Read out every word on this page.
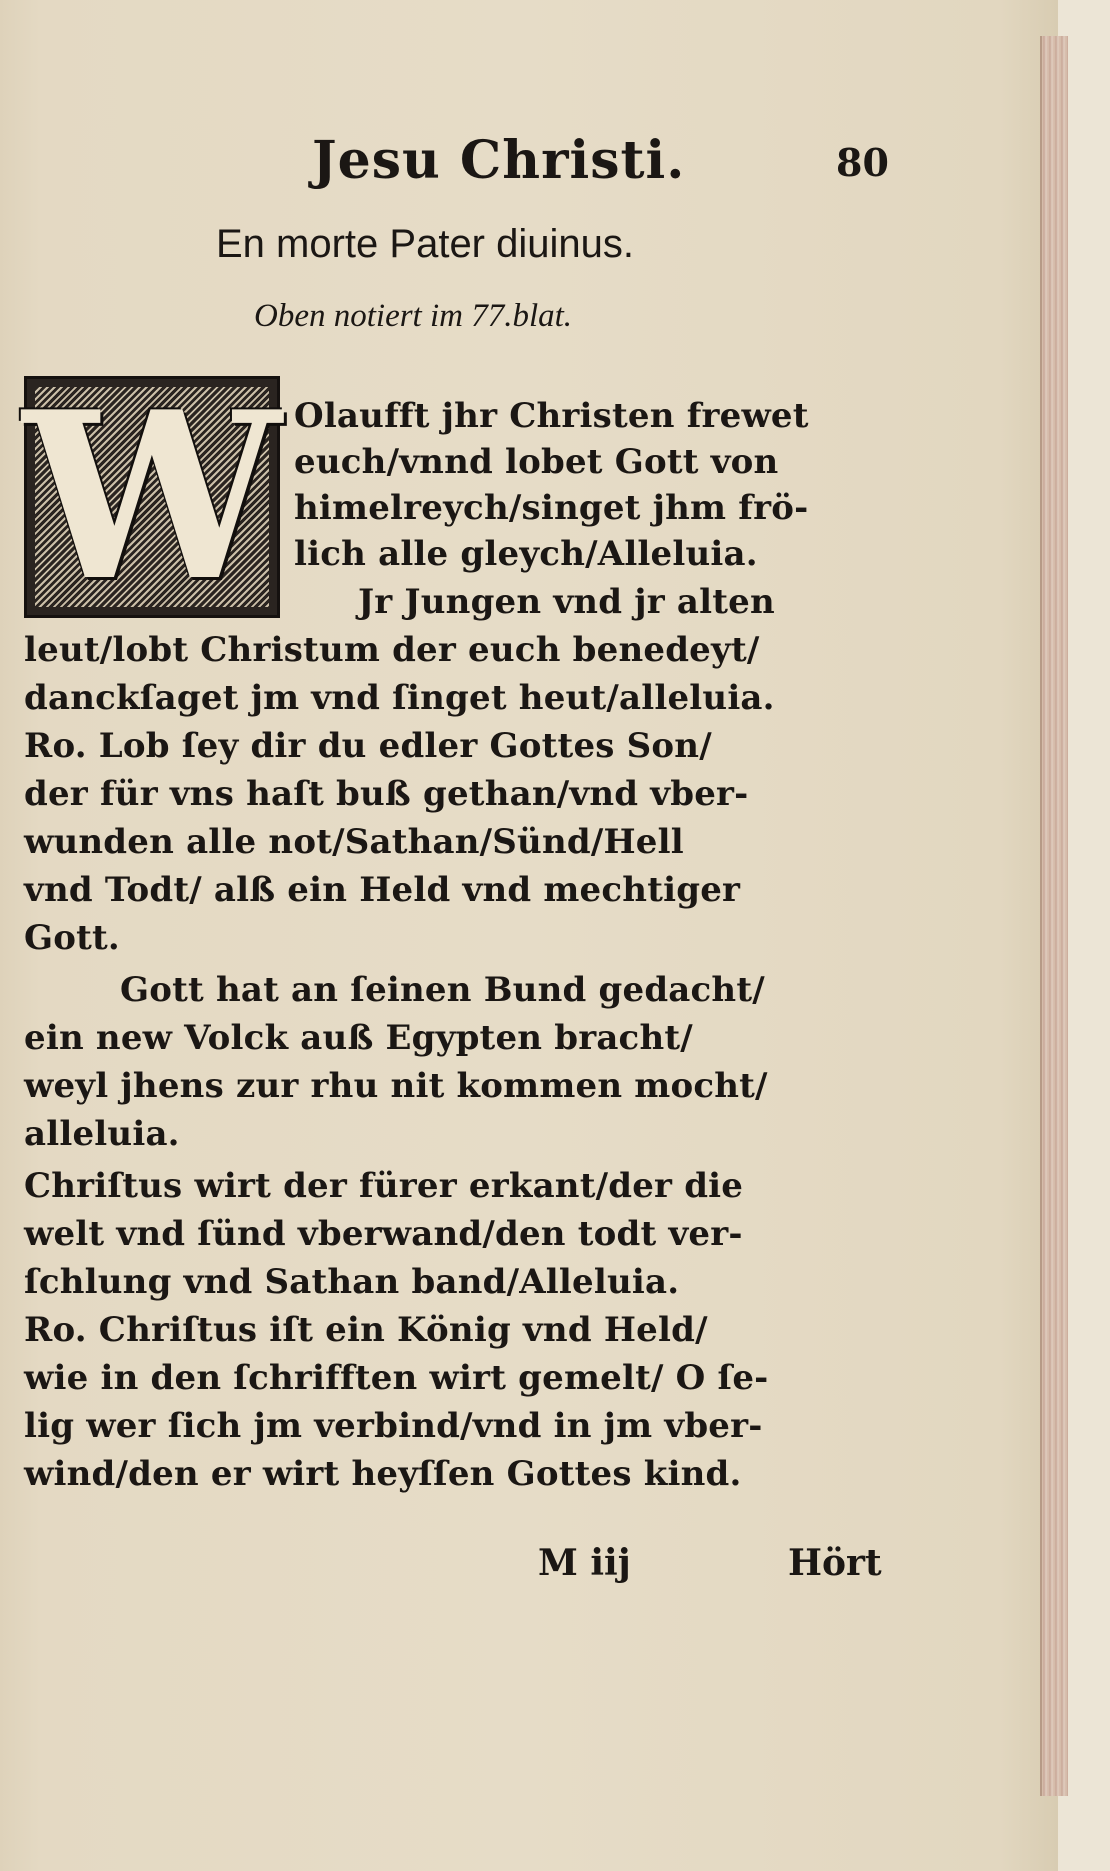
Jesu Christi.	80
En morte Pater diuinus.
Oben notiert im 77.blat.
W Olaufft jhr Christen frewet
euch/vnnd lobet Gott von
himelreych/singet jhm frö-
lich alle gleych/Alleluia.
Jr Jungen vnd jr alten
leut/lobt Christum der euch benedeyt/
danckſaget jm vnd ſinget heut/alleluia.
Ro. Lob ſey dir du edler Gottes Son/
der für vns haſt buß gethan/vnd vber-
wunden alle not/Sathan/Sünd/Hell
vnd Todt/ alß ein Held vnd mechtiger
Gott.
Gott hat an ſeinen Bund gedacht/
ein new Volck auß Egypten bracht/
weyl jhens zur rhu nit kommen mocht/
alleluia.
Chriſtus wirt der fürer erkant/der die
welt vnd ſünd vberwand/den todt ver-
ſchlung vnd Sathan band/Alleluia.
Ro. Chriſtus iſt ein König vnd Held/
wie in den ſchrifften wirt gemelt/ O ſe-
lig wer ſich jm verbind/vnd in jm vber-
wind/den er wirt heyſſen Gottes kind.
M iij	Hört
